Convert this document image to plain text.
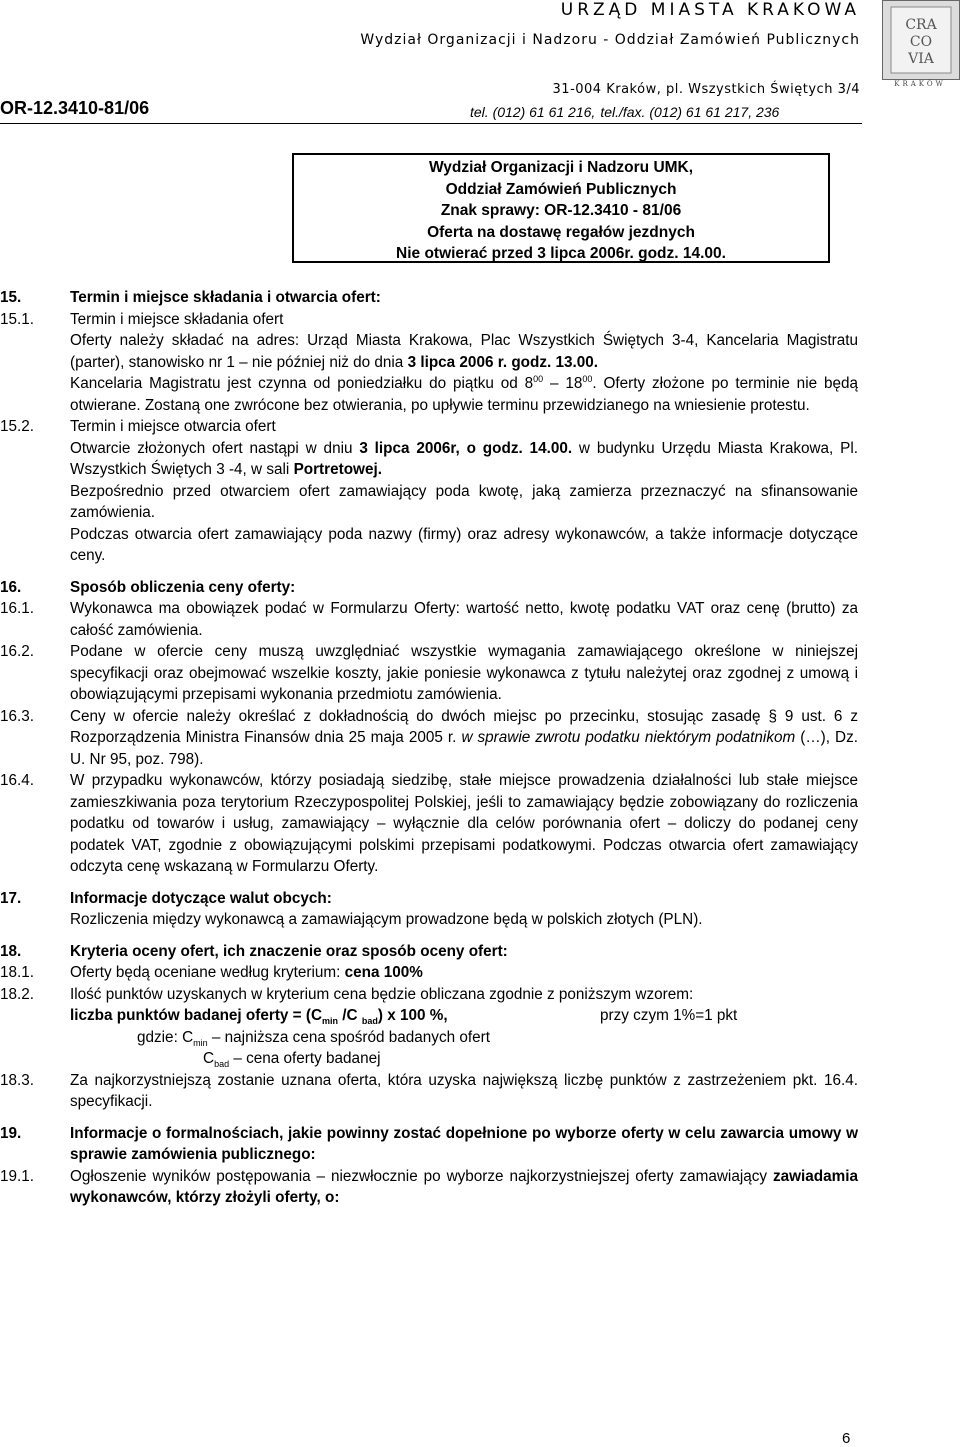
URZĄD MIASTA KRAKOWA
Wydział Organizacji i Nadzoru - Oddział Zamówień Publicznych
31-004 Kraków, pl. Wszystkich Świętych 3/4
tel. (012) 61 61 216, tel./fax. (012) 61 61 217, 236
OR-12.3410-81/06
CRA
CO
VIA
KRAKÓW
Wydział Organizacji i Nadzoru UMK,
Oddział Zamówień Publicznych
Znak sprawy: OR-12.3410 - 81/06
Oferta na dostawę regałów jezdnych
Nie otwierać przed 3 lipca 2006r. godz. 14.00.
15.	Termin i miejsce składania i otwarcia ofert:
15.1.	Termin i miejsce składania ofert
Oferty należy składać na adres: Urząd Miasta Krakowa, Plac Wszystkich Świętych 3-4, Kancelaria Magistratu (parter), stanowisko nr 1 – nie później niż do dnia 3 lipca 2006 r. godz. 13.00.
Kancelaria Magistratu jest czynna od poniedziałku do piątku od $8^{00} - 18^{00}$. Oferty złożone po terminie nie będą otwierane. Zostaną one zwrócone bez otwierania, po upływie terminu przewidzianego na wniesienie protestu.
15.2.	Termin i miejsce otwarcia ofert
Otwarcie złożonych ofert nastąpi w dniu 3 lipca 2006r, o godz. 14.00. w budynku Urzędu Miasta Krakowa, Pl. Wszystkich Świętych 3 -4, w sali Portretowej.
Bezpośrednio przed otwarciem ofert zamawiający poda kwotę, jaką zamierza przeznaczyć na sfinansowanie zamówienia.
Podczas otwarcia ofert zamawiający poda nazwy (firmy) oraz adresy wykonawców, a także informacje dotyczące ceny.
16.	Sposób obliczenia ceny oferty:
16.1.	Wykonawca ma obowiązek podać w Formularzu Oferty: wartość netto, kwotę podatku VAT oraz cenę (brutto) za całość zamówienia.
16.2.	Podane w ofercie ceny muszą uwzględniać wszystkie wymagania zamawiającego określone w niniejszej specyfikacji oraz obejmować wszelkie koszty, jakie poniesie wykonawca z tytułu należytej oraz zgodnej z umową i obowiązującymi przepisami wykonania przedmiotu zamówienia.
16.3.	Ceny w ofercie należy określać z dokładnością do dwóch miejsc po przecinku, stosując zasadę § 9 ust. 6 z Rozporządzenia Ministra Finansów dnia 25 maja 2005 r. w sprawie zwrotu podatku niektórym podatnikom (…), Dz. U. Nr 95, poz. 798).
16.4.	W przypadku wykonawców, którzy posiadają siedzibę, stałe miejsce prowadzenia działalności lub stałe miejsce zamieszkiwania poza terytorium Rzeczypospolitej Polskiej, jeśli to zamawiający będzie zobowiązany do rozliczenia podatku od towarów i usług, zamawiający – wyłącznie dla celów porównania ofert – doliczy do podanej ceny podatek VAT, zgodnie z obowiązującymi polskimi przepisami podatkowymi. Podczas otwarcia ofert zamawiający odczyta cenę wskazaną w Formularzu Oferty.
17.	Informacje dotyczące walut obcych:
Rozliczenia między wykonawcą a zamawiającym prowadzone będą w polskich złotych (PLN).
18.	Kryteria oceny ofert, ich znaczenie oraz sposób oceny ofert:
18.1.	Oferty będą oceniane według kryterium: cena 100%
18.2.	Ilość punktów uzyskanych w kryterium cena będzie obliczana zgodnie z poniższym wzorem:
liczba punktów badanej oferty = ($C_{min}$ /C $_{bad}$) x 100 %,	przy czym 1%=1 pkt
gdzie: $C_{min}$ – najniższa cena spośród badanych ofert
$C_{bad}$ – cena oferty badanej
18.3.	Za najkorzystniejszą zostanie uznana oferta, która uzyska największą liczbę punktów z zastrzeżeniem pkt. 16.4. specyfikacji.
19.	Informacje o formalnościach, jakie powinny zostać dopełnione po wyborze oferty w celu zawarcia umowy w sprawie zamówienia publicznego:
19.1.	Ogłoszenie wyników postępowania – niezwłocznie po wyborze najkorzystniejszej oferty zamawiający zawiadamia wykonawców, którzy złożyli oferty, o:
6
